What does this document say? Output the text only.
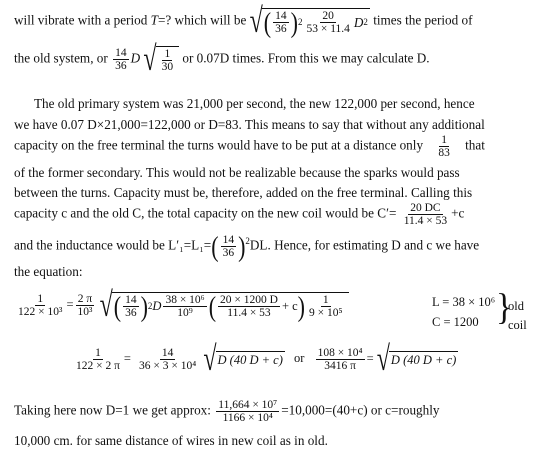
will vibrate with a period T=? which will be √ ( $\frac{14}{36}$ ) $2 \frac{20}{53 \times 11.4}$ D 2 times the period of
the old system, or $\frac{14}{36}$ D √ $\frac{1}{30}$ or 0.07D times. From this we may calculate D.
The old primary system was 21,000 per second, the new 122,000 per second, hence
we have 0.07 D×21,000=122,000 or D=83. This means to say that without any additional
capacity on the free terminal the turns would have to be put at a distance only $\frac{1}{83}$ that
of the former secondary. This would not be realizable because the sparks would pass
between the turns. Capacity must be, therefore, added on the free terminal. Calling this
capacity c and the old C, the total capacity on the new coil would be $C'= \frac{20 DC}{11.4 \times 53} +c$
and the inductance would be $L'_1=L_1=( \frac{14}{36} )^2DL$. Hence, for estimating D and c we have
the equation:
$\frac{1}{\text{122 × 10³}} = \frac{2 \pi}{\text{10³}}$
√ ( $\frac{14}{36}$ ) 2 D $\frac{\text{38 × 10⁶}}{\text{10⁹}}$ ( $\frac{20 \times 1200 D}{11.4 \times 53} + c$ ) $\frac{1}{\text{9 × 10⁵}}$	L = 38 × 10⁶
C = 1200 }
old
coil
$\frac{1}{122 \times 2 \pi} = \frac{14}{\text{36 × 3 × 10⁴}}$
√ D (40 D + c) or $\frac{\text{108 × 10⁴}}{3416 \pi}$ = √ D (40 D + c)
Taking here now D=1 we get approx: $\frac{\text{11,664 × 10⁷}}{\text{1166 × 10⁴}} =10,000=(40+c)$ or c=roughly
10,000 cm. for same distance of wires in new coil as in old.
